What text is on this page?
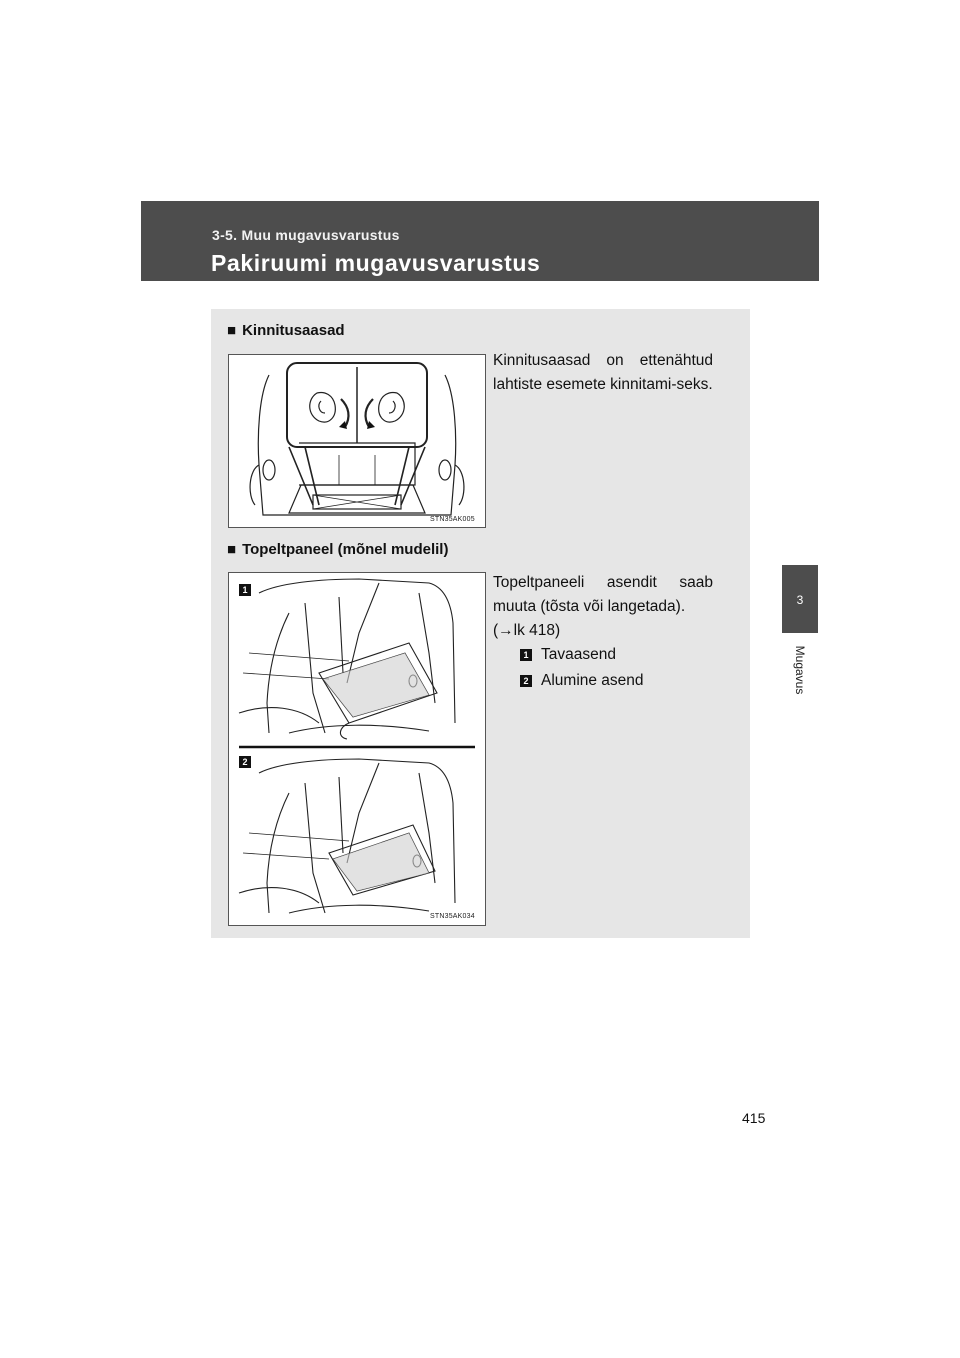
3-5. Muu mugavusvarustus
Pakiruumi mugavusvarustus
3
Mugavus
■ Kinnitusaasad
STN35AK005
Kinnitusaasad on ettenähtud lahtiste esemete kinnitami-seks.
■ Topeltpaneel (mõnel mudelil)
1
2
STN35AK034
Topeltpaneeli asendit saab muuta (tõsta või langetada).
(→lk 418)
1 Tavaasend
2 Alumine asend
415
